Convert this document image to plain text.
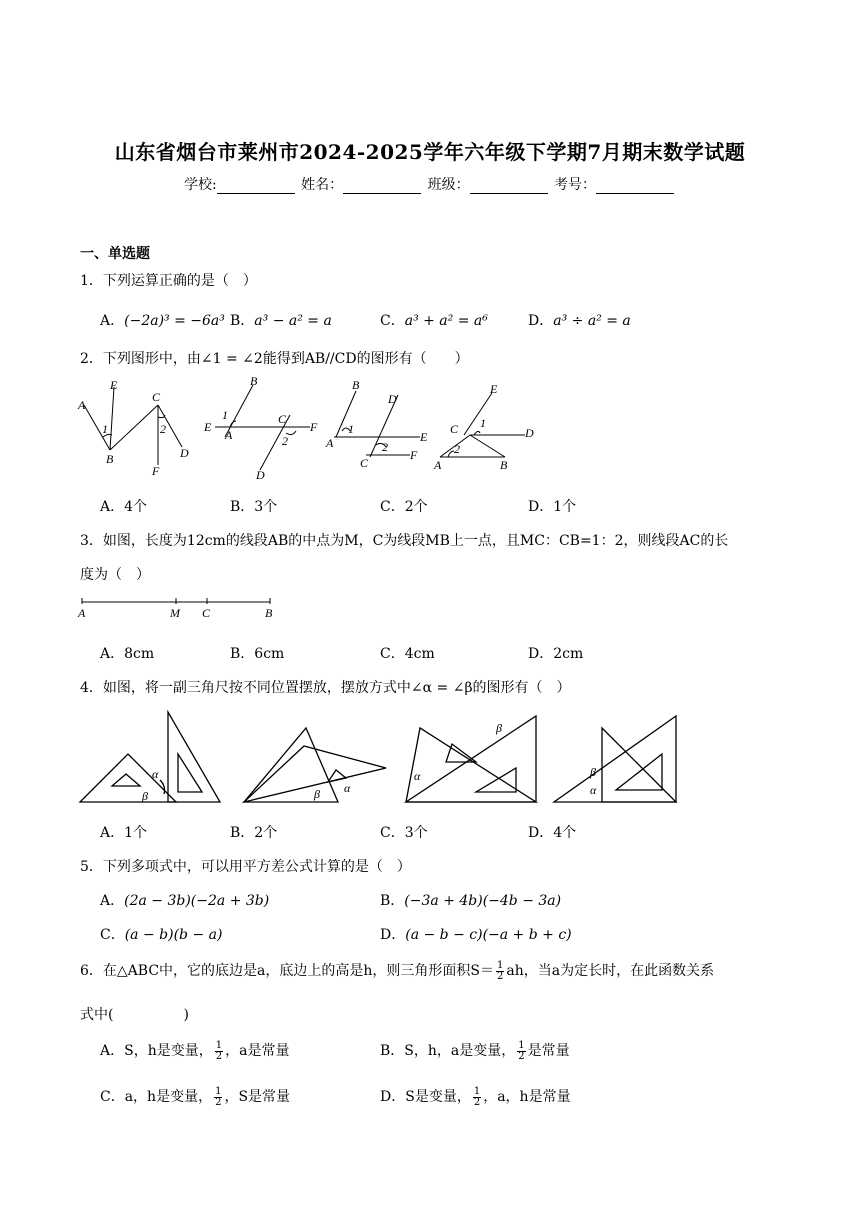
山东省烟台市莱州市2024-2025学年六年级下学期7月期末数学试题
学校:	姓名：	班级：	考号：
一、单选题
1．下列运算正确的是（　）
A．(−2a)³ = −6a³ B．a³ − a² = a	C．a³ + a² = a⁶	D．a³ ÷ a² = a
2．下列图形中，由∠1 = ∠2能得到AB//CD的图形有（　　）
A
E
B
C
F
D
1	2	E
B
A
C
F
D
1
2
B
D
A	E
C
F
1
2
E
C	D
A	B
1
2
A．4个	B．3个	C．2个	D．1个
3．如图，长度为12cm的线段AB的中点为M，C为线段MB上一点，且MC：CB=1：2，则线段AC的长
度为（　）
A	M C	B
A．8cm	B．6cm	C．4cm	D．2cm
4．如图，将一副三角尺按不同位置摆放，摆放方式中∠α = ∠β的图形有（　）
α
β
α
β
α
β
α
β
A．1个	B．2个	C．3个	D．4个
5．下列多项式中，可以用平方差公式计算的是（　）
A．(2a − 3b)(−2a + 3b)	B．(−3a + 4b)(−4b − 3a)
C．(a − b)(b − a)	D．(a − b − c)(−a + b + c)
6．在△ABC中，它的底边是a，底边上的高是h，则三角形面积$S= \frac{1}{2}$ ah，当a为定长时，在此函数关系
式中(　　　　　)
A．S，h是变量， $\frac{1}{2}$ ，a是常量	B．S，h，a是变量， $\frac{1}{2}$ 是常量
C．a，h是变量， $\frac{1}{2}$ ，S是常量	D．S是变量， $\frac{1}{2}$ ，a，h是常量
